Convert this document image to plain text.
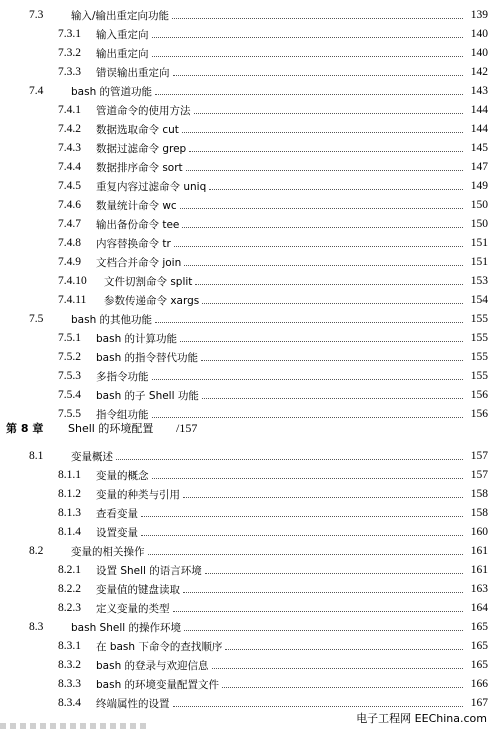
7.3	输入/输出重定向功能	139
7.3.1	输入重定向	140
7.3.2	输出重定向	140
7.3.3	错误输出重定向	142
7.4	bash 的管道功能	143
7.4.1	管道命令的使用方法	144
7.4.2	数据选取命令 cut	144
7.4.3	数据过滤命令 grep	145
7.4.4	数据排序命令 sort	147
7.4.5	重复内容过滤命令 uniq	149
7.4.6	数量统计命令 wc	150
7.4.7	输出备份命令 tee	150
7.4.8	内容替换命令 tr	151
7.4.9	文档合并命令 join	151
7.4.10	文件切割命令 split	153
7.4.11	参数传递命令 xargs	154
7.5	bash 的其他功能	155
7.5.1	bash 的计算功能	155
7.5.2	bash 的指令替代功能	155
7.5.3	多指令功能	155
7.5.4	bash 的子 Shell 功能	156
7.5.5	指令组功能	156
第 8 章	Shell 的环境配置	/157
8.1	变量概述	157
8.1.1	变量的概念	157
8.1.2	变量的种类与引用	158
8.1.3	查看变量	158
8.1.4	设置变量	160
8.2	变量的相关操作	161
8.2.1	设置 Shell 的语言环境	161
8.2.2	变量值的键盘读取	163
8.2.3	定义变量的类型	164
8.3	bash Shell 的操作环境	165
8.3.1	在 bash 下命令的查找顺序	165
8.3.2	bash 的登录与欢迎信息	165
8.3.3	bash 的环境变量配置文件	166
8.3.4	终端属性的设置	167
电子工程网 EEChina.com
